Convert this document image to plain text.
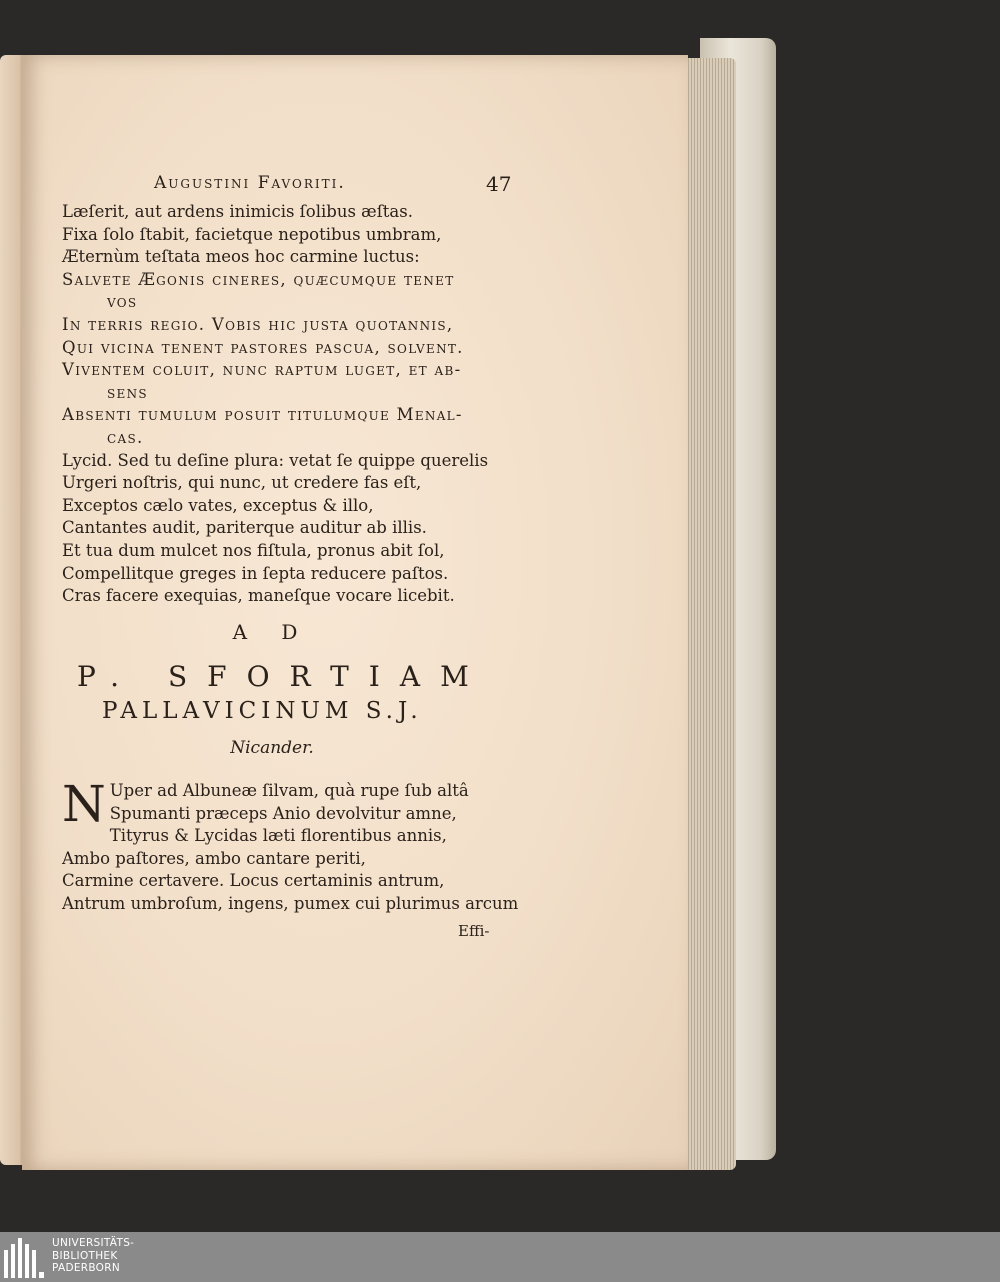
Augustini Favoriti.	47
Læſerit, aut ardens inimicis ſolibus æſtas.
Fixa ſolo ſtabit, facietque nepotibus umbram,
Æternùm teſtata meos hoc carmine luctus:
Salvete Ægonis cineres, quæcumque tenet
vos
In terris regio. Vobis hic justa quotannis,
Qui vicina tenent pastores pascua, solvent.
Viventem coluit, nunc raptum luget, et ab-
sens
Absenti tumulum posuit titulumque Menal-
cas.
Lycid. Sed tu deſine plura: vetat ſe quippe querelis
Urgeri noſtris, qui nunc, ut credere fas eſt,
Exceptos cælo vates, exceptus & illo,
Cantantes audit, pariterque auditur ab illis.
Et tua dum mulcet nos fiſtula, pronus abit ſol,
Compellitque greges in ſepta reducere paſtos.
Cras facere exequias, maneſque vocare licebit.
A D
P. SFORTIAM
PALLAVICINUM S.J.
Nicander.
N Uper ad Albuneæ ſilvam, quà rupe ſub altâ
Spumanti præceps Anio devolvitur amne,
Tityrus & Lycidas læti florentibus annis,
Ambo paſtores, ambo cantare periti,
Carmine certavere. Locus certaminis antrum,
Antrum umbroſum, ingens, pumex cui plurimus arcum
Effi-
UNIVERSITÄTS-
BIBLIOTHEK
PADERBORN
